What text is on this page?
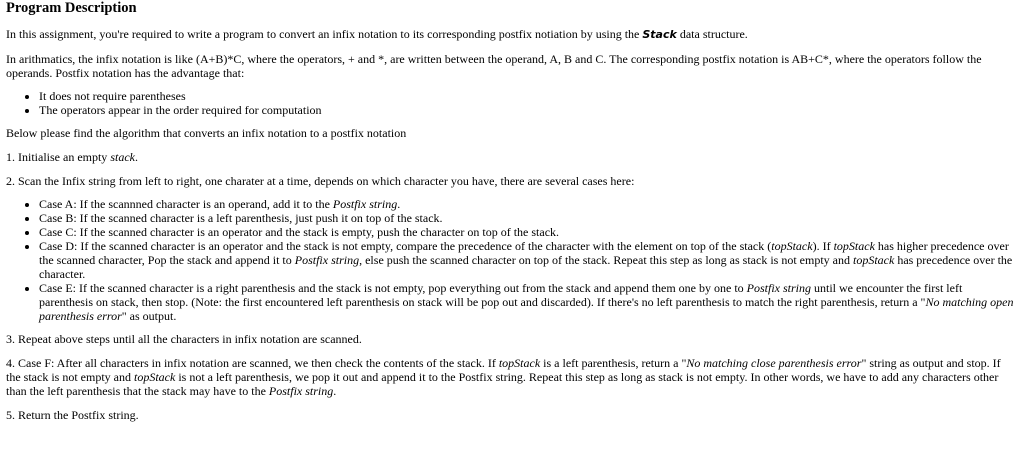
Program Description

In this assignment, you're required to write a program to convert an infix notation to its corresponding postfix notiation by using the Stack data structure.

In arithmatics, the infix notation is like (A+B)*C, where the operators, + and *, are written between the operand, A, B and C. The corresponding postfix notation is AB+C*, where the operators follow the operands. Postfix notation has the advantage that:

• It does not require parentheses
• The operators appear in the order required for computation

Below please find the algorithm that converts an infix notation to a postfix notation

1. Initialise an empty stack.

2. Scan the Infix string from left to right, one charater at a time, depends on which character you have, there are several cases here:

• Case A: If the scannned character is an operand, add it to the Postfix string.
• Case B: If the scanned character is a left parenthesis, just push it on top of the stack.
• Case C: If the scanned character is an operator and the stack is empty, push the character on top of the stack.
• Case D: If the scanned character is an operator and the stack is not empty, compare the precedence of the character with the element on top of the stack (topStack). If topStack has higher precedence over the scanned character, Pop the stack and append it to Postfix string, else push the scanned character on top of the stack. Repeat this step as long as stack is not empty and topStack has precedence over the character.
• Case E: If the scanned character is a right parenthesis and the stack is not empty, pop everything out from the stack and append them one by one to Postfix string until we encounter the first left parenthesis on stack, then stop. (Note: the first encountered left parenthesis on stack will be pop out and discarded). If there's no left parenthesis to match the right parenthesis, return a "No matching open parenthesis error" as output.

3. Repeat above steps until all the characters in infix notation are scanned.

4. Case F: After all characters in infix notation are scanned, we then check the contents of the stack. If topStack is a left parenthesis, return a "No matching close parenthesis error" string as output and stop. If the stack is not empty and topStack is not a left parenthesis, we pop it out and append it to the Postfix string. Repeat this step as long as stack is not empty. In other words, we have to add any characters other than the left parenthesis that the stack may have to the Postfix string.

5. Return the Postfix string.
